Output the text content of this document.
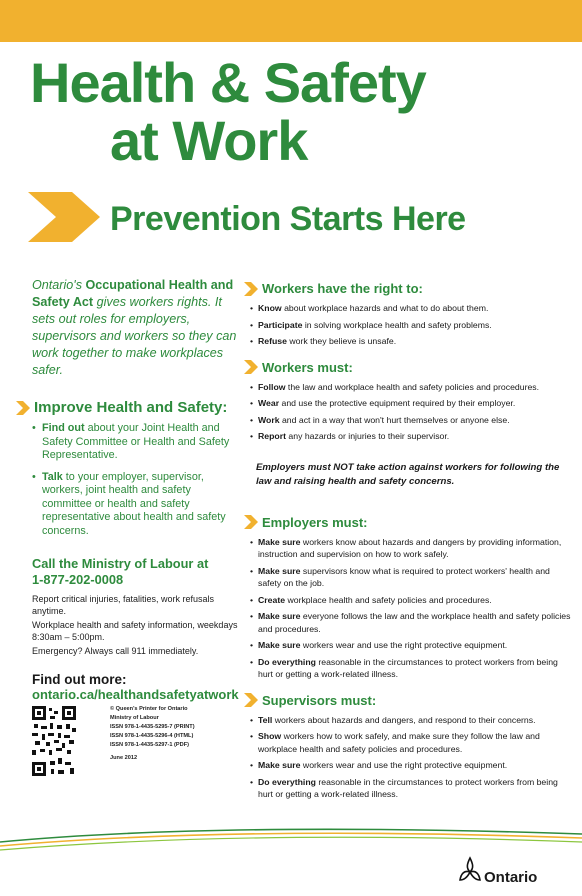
Health & Safety
at Work
Prevention Starts Here

Ontario's Occupational Health and Safety Act gives workers rights. It sets out roles for employers, supervisors and workers so they can work together to make workplaces safer.

Improve Health and Safety:
• Find out about your Joint Health and Safety Committee or Health and Safety Representative.
• Talk to your employer, supervisor, workers, joint health and safety committee or health and safety representative about health and safety concerns.
Call the Ministry of Labour at
1-877-202-0008

Report critical injuries, fatalities, work refusals anytime.

Workplace health and safety information, weekdays 8:30am – 5:00pm.

Emergency? Always call 911 immediately.

Find out more:
ontario.ca/healthandsafetyatwork

© Queen's Printer for Ontario

Ministry of Labour

ISSN 978-1-4435-5295-7 (PRINT)

ISSN 978-1-4435-5296-4 (HTML)

ISSN 978-1-4435-5297-1 (PDF)

June 2012

Workers have the right to:
• Know about workplace hazards and what to do about them.
• Participate in solving workplace health and safety problems.
• Refuse work they believe is unsafe.
Workers must:
• Follow the law and workplace health and safety policies and procedures.
• Wear and use the protective equipment required by their employer.
• Work and act in a way that won't hurt themselves or anyone else.
• Report any hazards or injuries to their supervisor.

Employers must NOT take action against workers for following the law and raising health and safety concerns.

Employers must:
• Make sure workers know about hazards and dangers by providing information, instruction and supervision on how to work safely.
• Make sure supervisors know what is required to protect workers' health and safety on the job.
• Create workplace health and safety policies and procedures.
• Make sure everyone follows the law and the workplace health and safety policies and procedures.
• Make sure workers wear and use the right protective equipment.
• Do everything reasonable in the circumstances to protect workers from being hurt or getting a work-related illness.
Supervisors must:
• Tell workers about hazards and dangers, and respond to their concerns.
• Show workers how to work safely, and make sure they follow the law and workplace health and safety policies and procedures.
• Make sure workers wear and use the right protective equipment.
• Do everything reasonable in the circumstances to protect workers from being hurt or getting a work-related illness.
Ontario
